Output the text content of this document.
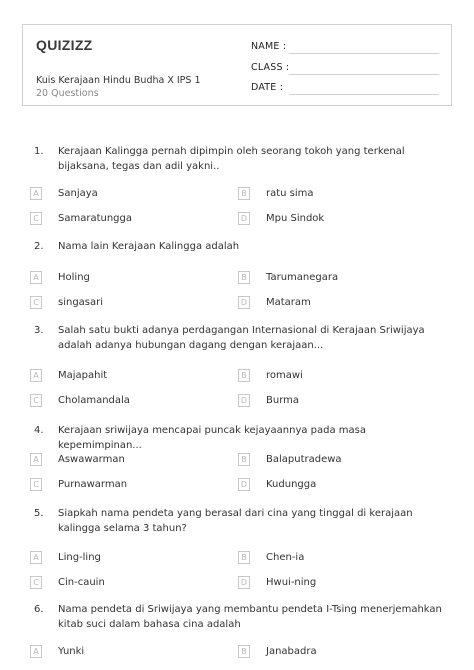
QUIZIZZ
Kuis Kerajaan Hindu Budha X IPS 1
20 Questions
NAME :
CLASS :
DATE :
1. Kerajaan Kalingga pernah dipimpin oleh seorang tokoh yang terkenal bijaksana, tegas dan adil yakni..
A	Sanjaya	B	ratu sima
C	Samaratungga	D Mpu Sindok
2. Nama lain Kerajaan Kalingga adalah
A	Holing	B	Tarumanegara
C	singasari	D Mataram
3. Salah satu bukti adanya perdagangan Internasional di Kerajaan Sriwijaya adalah adanya hubungan dagang dengan kerajaan...
A	Majapahit	B	romawi
C	Cholamandala	D Burma
4. Kerajaan sriwijaya mencapai puncak kejayaannya pada masa kepemimpinan...
A	Aswawarman	B	Balaputradewa
C	Purnawarman	D Kudungga
5. Siapkah nama pendeta yang berasal dari cina yang tinggal di kerajaan kalingga selama 3 tahun?
A	Ling-ling	B	Chen-ia
C	Cin-cauin	D Hwui-ning
6. Nama pendeta di Sriwijaya yang membantu pendeta I-Tsing menerjemahkan kitab suci dalam bahasa cina adalah
A	Yunki	B	Janabadra
